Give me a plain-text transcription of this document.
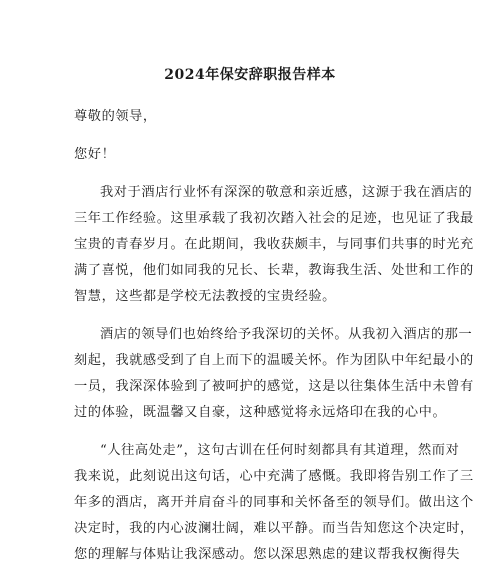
2024年保安辞职报告样本
尊敬的领导，
您好！
我对于酒店行业怀有深深的敬意和亲近感，这源于我在酒店的
三年工作经验。这里承载了我初次踏入社会的足迹，也见证了我最
宝贵的青春岁月。在此期间，我收获颇丰，与同事们共事的时光充
满了喜悦，他们如同我的兄长、长辈，教诲我生活、处世和工作的
智慧，这些都是学校无法教授的宝贵经验。
酒店的领导们也始终给予我深切的关怀。从我初入酒店的那一
刻起，我就感受到了自上而下的温暖关怀。作为团队中年纪最小的
一员，我深深体验到了被呵护的感觉，这是以往集体生活中未曾有
过的体验，既温馨又自豪，这种感觉将永远烙印在我的心中。
“人往高处走”，这句古训在任何时刻都具有其道理，然而对
我来说，此刻说出这句话，心中充满了感慨。我即将告别工作了三
年多的酒店，离开并肩奋斗的同事和关怀备至的领导们。做出这个
决定时，我的内心波澜壮阔，难以平静。而当告知您这个决定时，
您的理解与体贴让我深感动。您以深思熟虑的建议帮我权衡得失
